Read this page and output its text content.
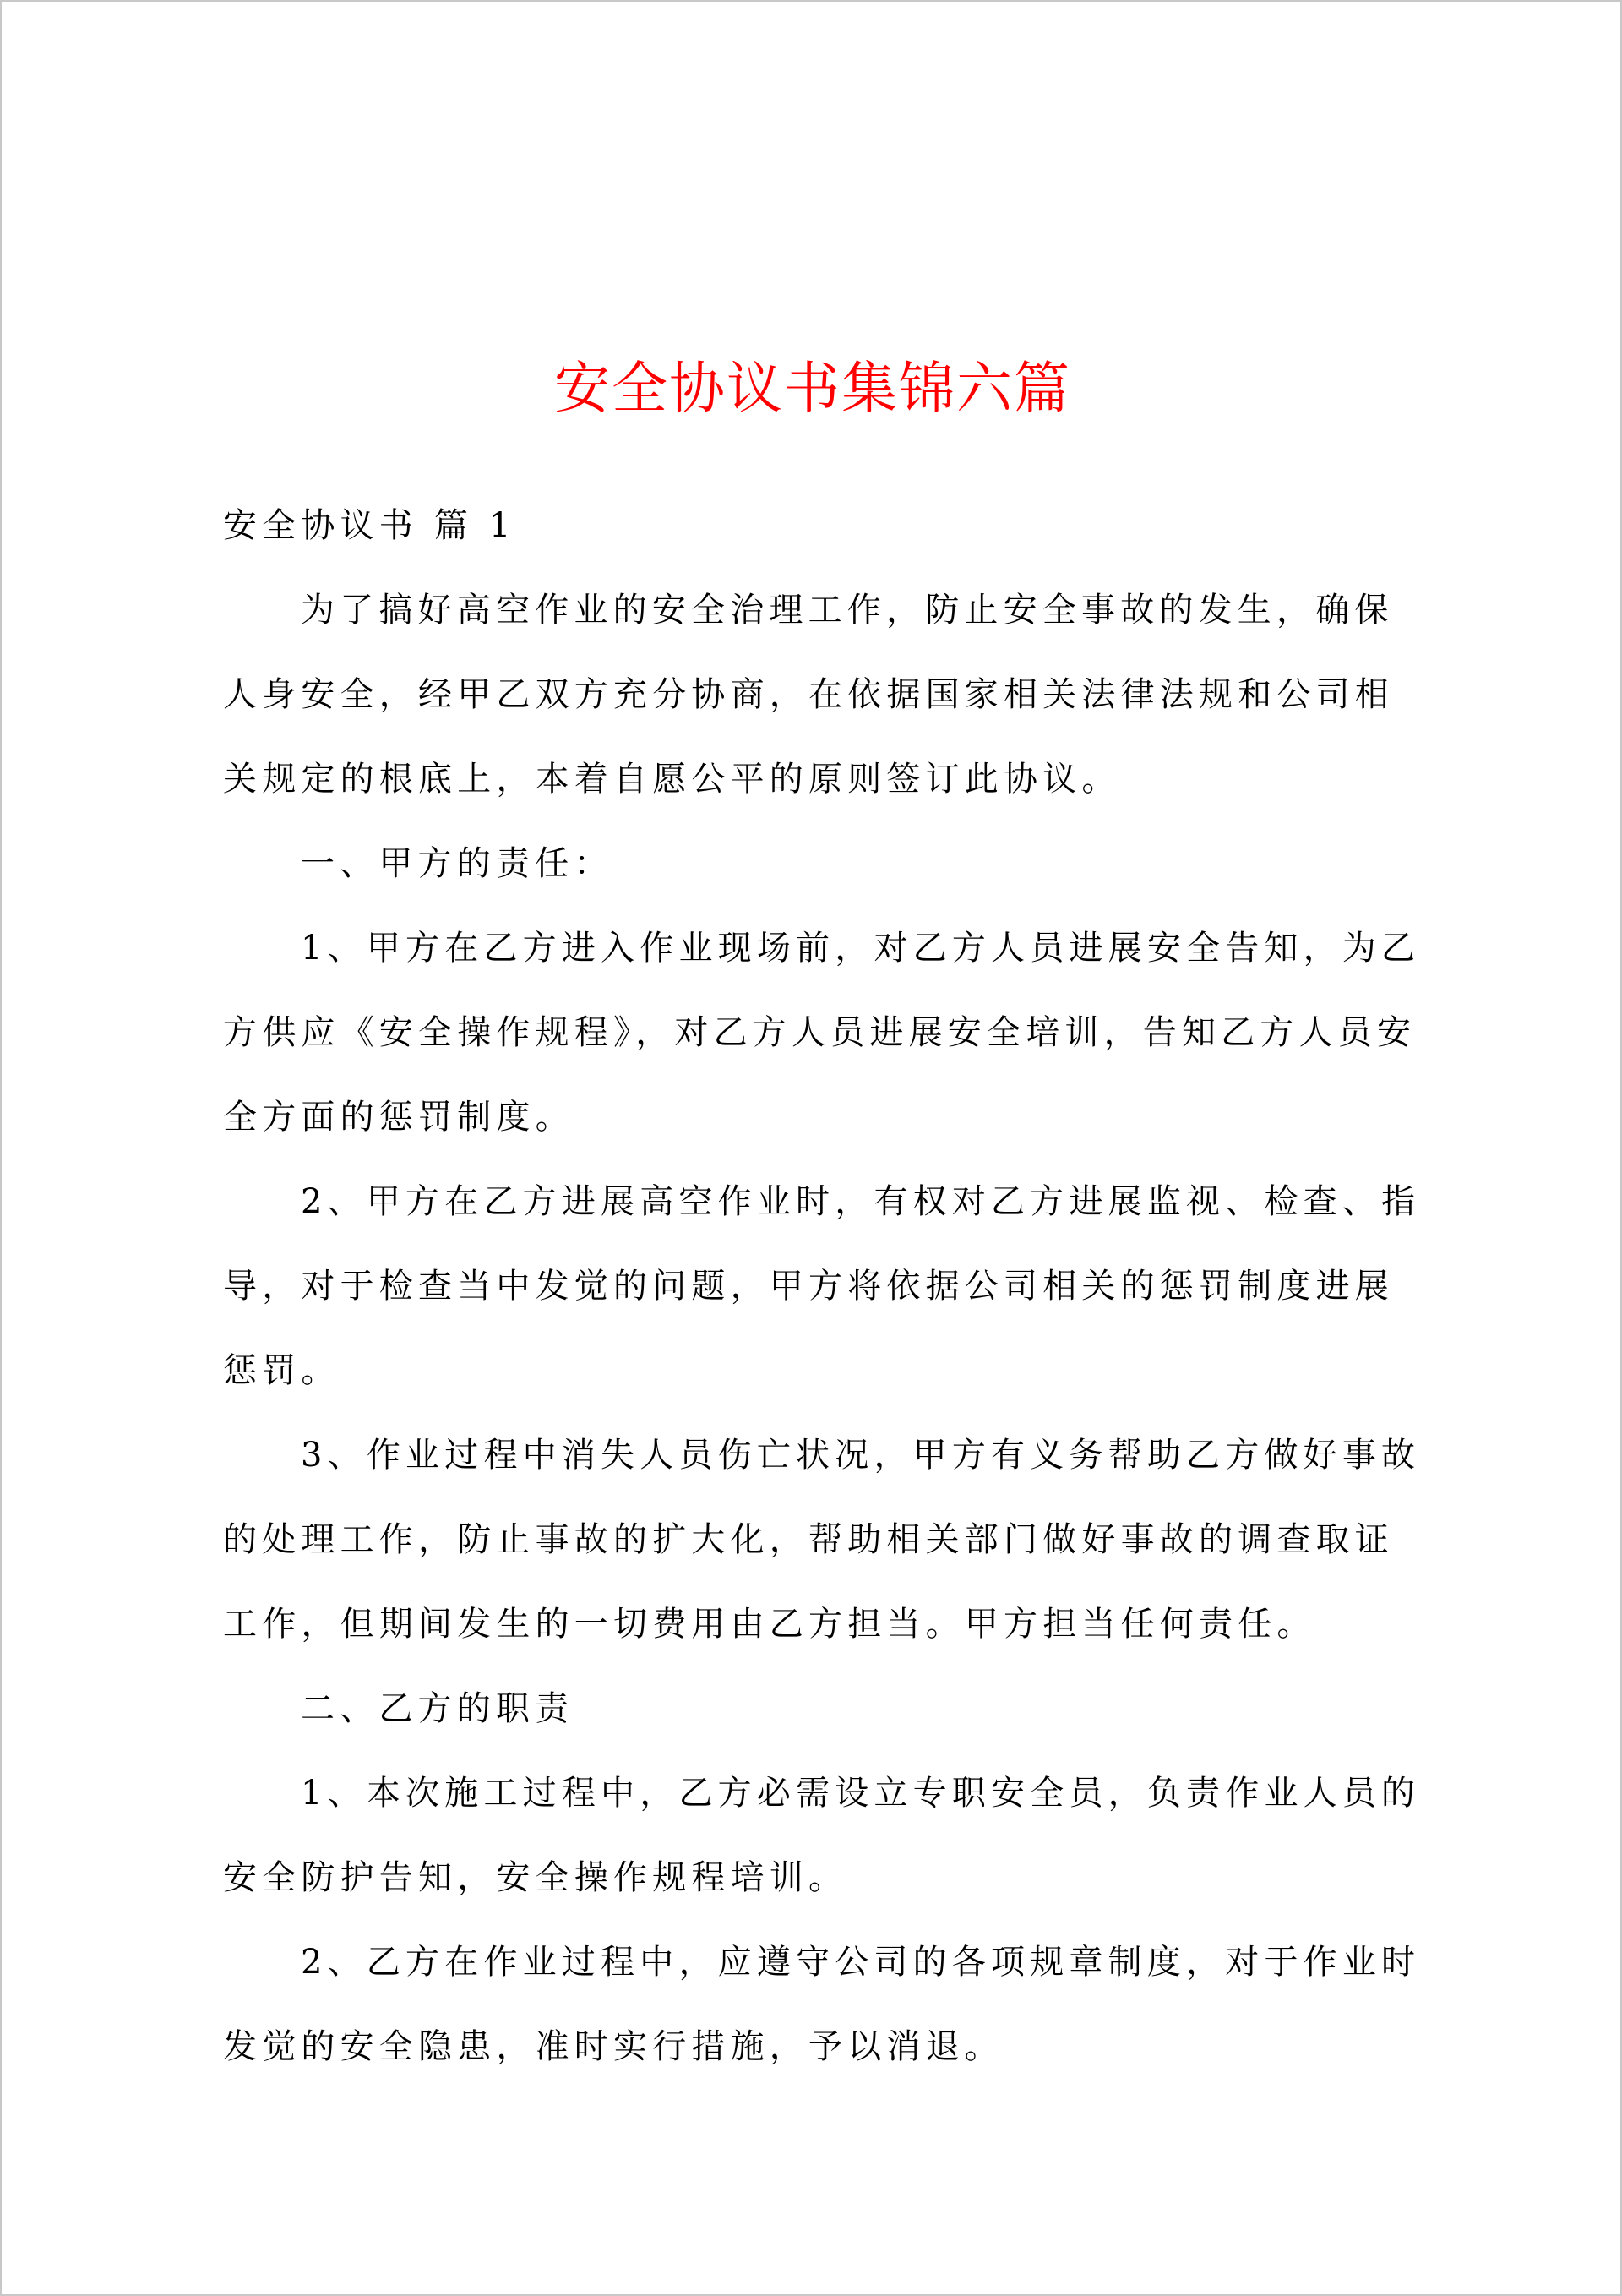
安全协议书集锦六篇

安全协议书 篇 1

为了搞好高空作业的安全治理工作，防止安全事故的发生，确保人身安全，经甲乙双方充分协商，在依据国家相关法律法规和公司相关规定的根底上，本着自愿公平的原则签订此协议。

一、甲方的责任：

1、甲方在乙方进入作业现场前，对乙方人员进展安全告知，为乙方供应《安全操作规程》，对乙方人员进展安全培训，告知乙方人员安全方面的惩罚制度。

2、甲方在乙方进展高空作业时，有权对乙方进展监视、检查、指导，对于检查当中发觉的问题，甲方将依据公司相关的惩罚制度进展惩罚。

3、作业过程中消失人员伤亡状况，甲方有义务帮助乙方做好事故的处理工作，防止事故的扩大化，帮助相关部门做好事故的调查取证工作，但期间发生的一切费用由乙方担当。甲方担当任何责任。

二、乙方的职责

1、本次施工过程中，乙方必需设立专职安全员，负责作业人员的安全防护告知，安全操作规程培训。

2、乙方在作业过程中，应遵守公司的各项规章制度，对于作业时发觉的安全隐患，准时实行措施，予以消退。
